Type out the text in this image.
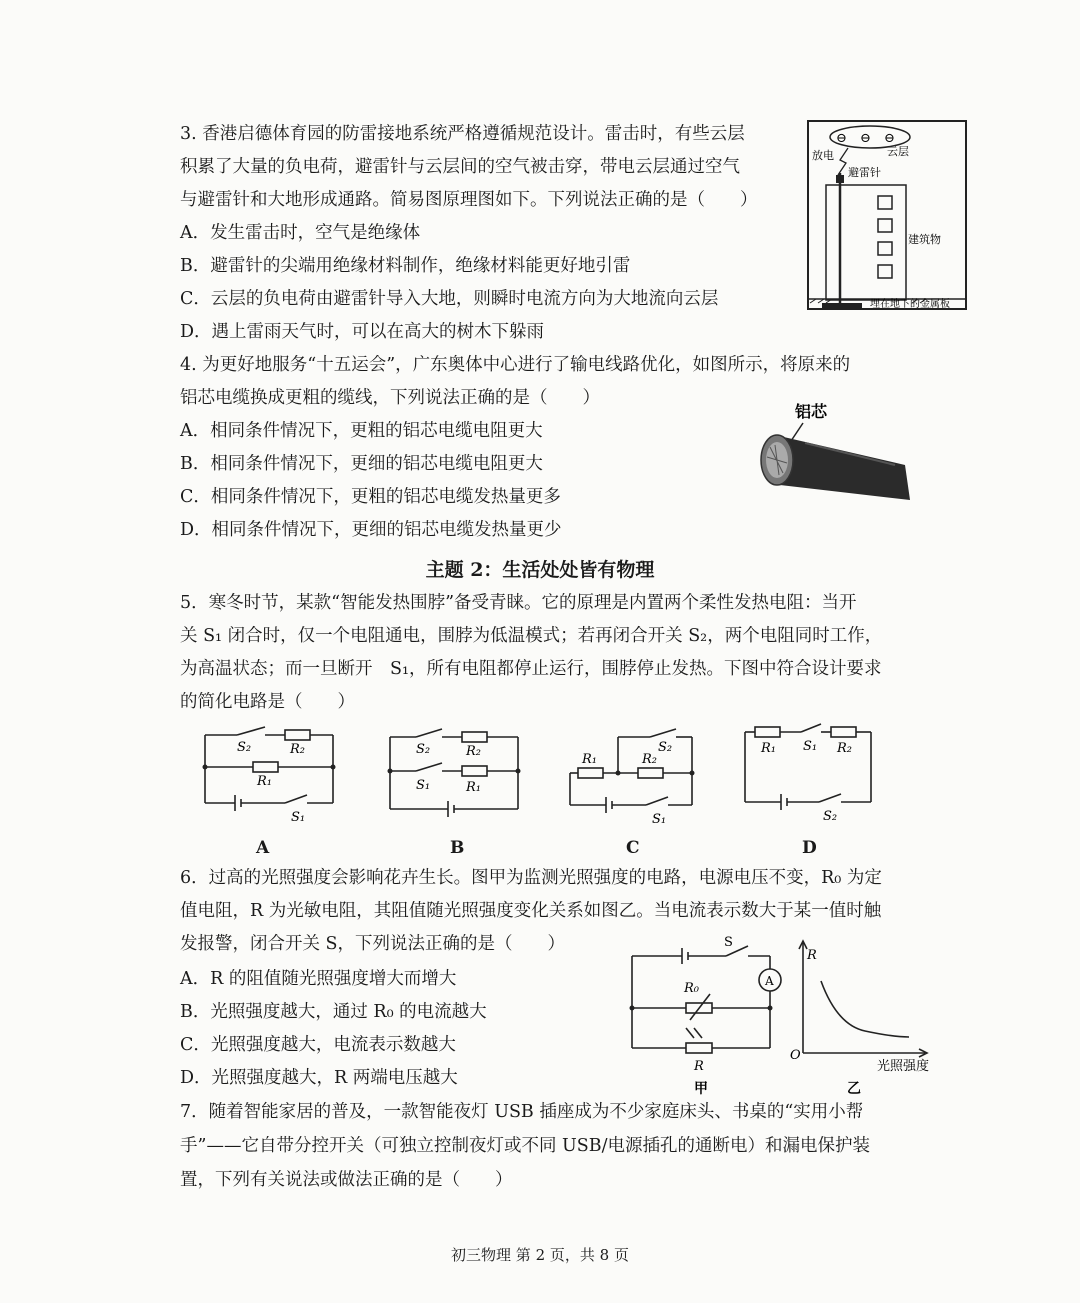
3. 香港启德体育园的防雷接地系统严格遵循规范设计。雷击时，有些云层
积累了大量的负电荷，避雷针与云层间的空气被击穿，带电云层通过空气
与避雷针和大地形成通路。简易图原理图如下。下列说法正确的是（　　）
A．发生雷击时，空气是绝缘体
B．避雷针的尖端用绝缘材料制作，绝缘材料能更好地引雷
C．云层的负电荷由避雷针导入大地，则瞬时电流方向为大地流向云层
D．遇上雷雨天气时，可以在高大的树木下躲雨
⊖ ⊖ ⊖
云层
放电
避雷针
建筑物
埋在地下的金属板
4. 为更好地服务“十五运会”，广东奥体中心进行了输电线路优化，如图所示，将原来的
铝芯电缆换成更粗的缆线，下列说法正确的是（　　）
A．相同条件情况下，更粗的铝芯电缆电阻更大
B．相同条件情况下，更细的铝芯电缆电阻更大
C．相同条件情况下，更粗的铝芯电缆发热量更多
D．相同条件情况下，更细的铝芯电缆发热量更少
铝芯
主题 2：生活处处皆有物理
5．寒冬时节，某款“智能发热围脖”备受青睐。它的原理是内置两个柔性发热电阻：当开
关 S₁ 闭合时，仅一个电阻通电，围脖为低温模式；若再闭合开关 S₂，两个电阻同时工作，
为高温状态；而一旦断开　S₁，所有电阻都停止运行，围脖停止发热。下图中符合设计要求
的简化电路是（　　）
S₂	R₂
R₁
S₁
A
S₂	R₂
S₁	R₁
B
S₂
R₁	R₂
S₁
C
R₁ S₁ R₂
S₂
D
6．过高的光照强度会影响花卉生长。图甲为监测光照强度的电路，电源电压不变，R₀ 为定
值电阻，R 为光敏电阻，其阻值随光照强度变化关系如图乙。当电流表示数大于某一值时触
发报警，闭合开关 S，下列说法正确的是（　　）
A．R 的阻值随光照强度增大而增大
B．光照强度越大，通过 R₀ 的电流越大
C．光照强度越大，电流表示数越大
D．光照强度越大，R 两端电压越大
S
A
R₀
R
甲
R
O
光照强度
乙
7．随着智能家居的普及，一款智能夜灯 USB 插座成为不少家庭床头、书桌的“实用小帮
手”——它自带分控开关（可独立控制夜灯或不同 USB/电源插孔的通断电）和漏电保护装
置，下列有关说法或做法正确的是（　　）
初三物理 第 2 页，共 8 页
